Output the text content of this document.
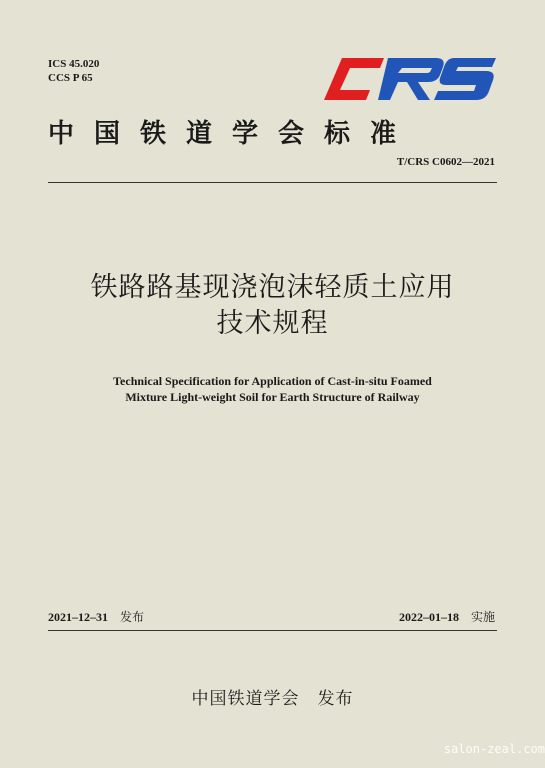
ICS 45.020
CCS P 65
中国铁道学会标准
T/CRS C0602—2021
铁路路基现浇泡沫轻质土应用
技术规程
Technical Specification for Application of Cast-in-situ Foamed
Mixture Light-weight Soil for Earth Structure of Railway
2021–12–31 发布	2022–01–18 实施
中国铁道学会　发布
salon-zeal.com
